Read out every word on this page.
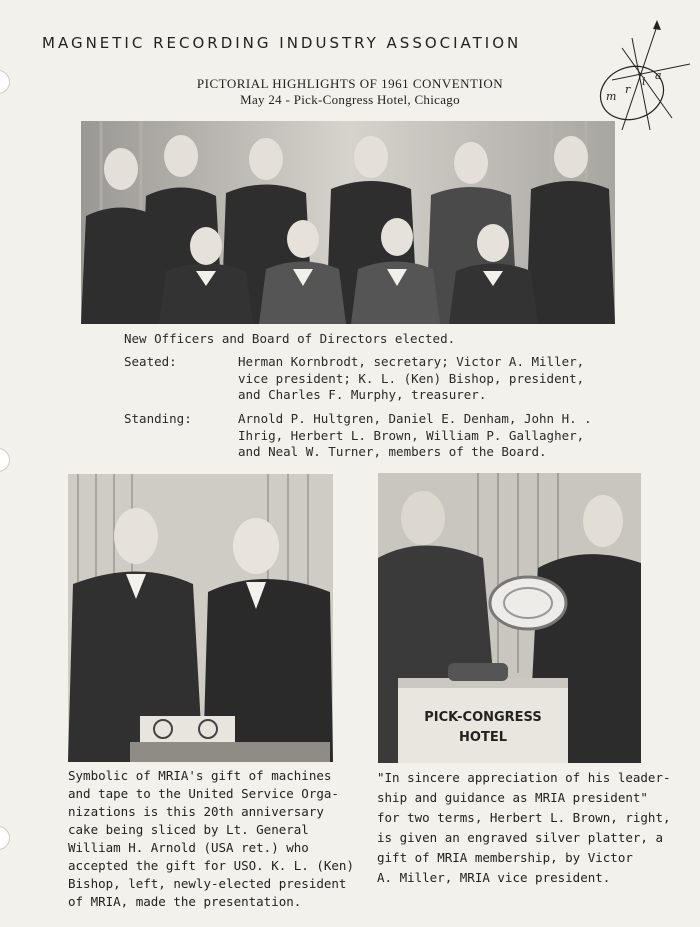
MAGNETIC RECORDING INDUSTRY ASSOCIATION
PICTORIAL HIGHLIGHTS OF 1961 CONVENTION
May 24 - Pick-Congress Hotel, Chicago	m
r
i a
New Officers and Board of Directors elected.
Seated:	Herman Kornbrodt, secretary; Victor A. Miller,
vice president; K. L. (Ken) Bishop, president,
and Charles F. Murphy, treasurer.
Standing:	Arnold P. Hultgren, Daniel E. Denham, John H. .
Ihrig, Herbert L. Brown, William P. Gallagher,
and Neal W. Turner, members of the Board.
Symbolic of MRIA's gift of machines
and tape to the United Service Orga-
nizations is this 20th anniversary
cake being sliced by Lt. General
William H. Arnold (USA ret.) who
accepted the gift for USO. K. L. (Ken)
Bishop, left, newly-elected president
of MRIA, made the presentation.
PICK-CONGRESS
HOTEL
"In sincere appreciation of his leader-
ship and guidance as MRIA president"
for two terms, Herbert L. Brown, right,
is given an engraved silver platter, a
gift of MRIA membership, by Victor
A. Miller, MRIA vice president.
